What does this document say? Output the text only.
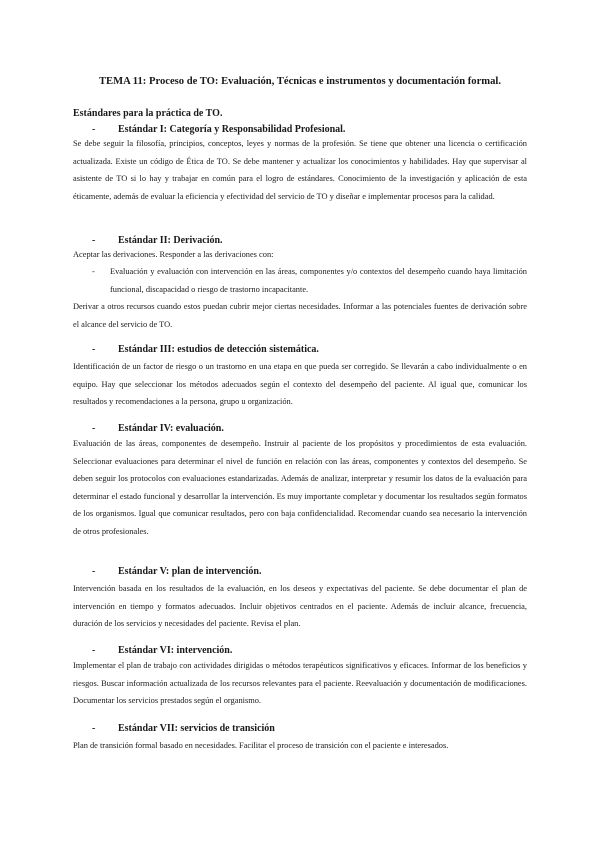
TEMA 11: Proceso de TO: Evaluación, Técnicas e instrumentos y documentación formal.
Estándares para la práctica de TO.
- Estándar I: Categoría y Responsabilidad Profesional.
Se debe seguir la filosofía, principios, conceptos, leyes y normas de la profesión. Se tiene que obtener una licencia o certificación actualizada. Existe un código de Ética de TO. Se debe mantener y actualizar los conocimientos y habilidades. Hay que supervisar al asistente de TO si lo hay y trabajar en común para el logro de estándares. Conocimiento de la investigación y aplicación de esta éticamente, además de evaluar la eficiencia y efectividad del servicio de TO y diseñar e implementar procesos para la calidad.
- Estándar II: Derivación.
Aceptar las derivaciones. Responder a las derivaciones con:
- Evaluación y evaluación con intervención en las áreas, componentes y/o contextos del desempeño cuando haya limitación funcional, discapacidad o riesgo de trastorno incapacitante.
Derivar a otros recursos cuando estos puedan cubrir mejor ciertas necesidades. Informar a las potenciales fuentes de derivación sobre el alcance del servicio de TO.
- Estándar III: estudios de detección sistemática.
Identificación de un factor de riesgo o un trastorno en una etapa en que pueda ser corregido. Se llevarán a cabo individualmente o en equipo. Hay que seleccionar los métodos adecuados según el contexto del desempeño del paciente. Al igual que, comunicar los resultados y recomendaciones a la persona, grupo u organización.
- Estándar IV: evaluación.
Evaluación de las áreas, componentes de desempeño. Instruir al paciente de los propósitos y procedimientos de esta evaluación. Seleccionar evaluaciones para determinar el nivel de función en relación con las áreas, componentes y contextos del desempeño. Se deben seguir los protocolos con evaluaciones estandarizadas. Además de analizar, interpretar y resumir los datos de la evaluación para determinar el estado funcional y desarrollar la intervención. Es muy importante completar y documentar los resultados según formatos de los organismos. Igual que comunicar resultados, pero con baja confidencialidad. Recomendar cuando sea necesario la intervención de otros profesionales.
- Estándar V: plan de intervención.
Intervención basada en los resultados de la evaluación, en los deseos y expectativas del paciente. Se debe documentar el plan de intervención en tiempo y formatos adecuados. Incluir objetivos centrados en el paciente. Además de incluir alcance, frecuencia, duración de los servicios y necesidades del paciente. Revisa el plan.
- Estándar VI: intervención.
Implementar el plan de trabajo con actividades dirigidas o métodos terapéuticos significativos y eficaces. Informar de los beneficios y riesgos. Buscar información actualizada de los recursos relevantes para el paciente. Reevaluación y documentación de modificaciones. Documentar los servicios prestados según el organismo.
- Estándar VII: servicios de transición
Plan de transición formal basado en necesidades. Facilitar el proceso de transición con el paciente e interesados.
